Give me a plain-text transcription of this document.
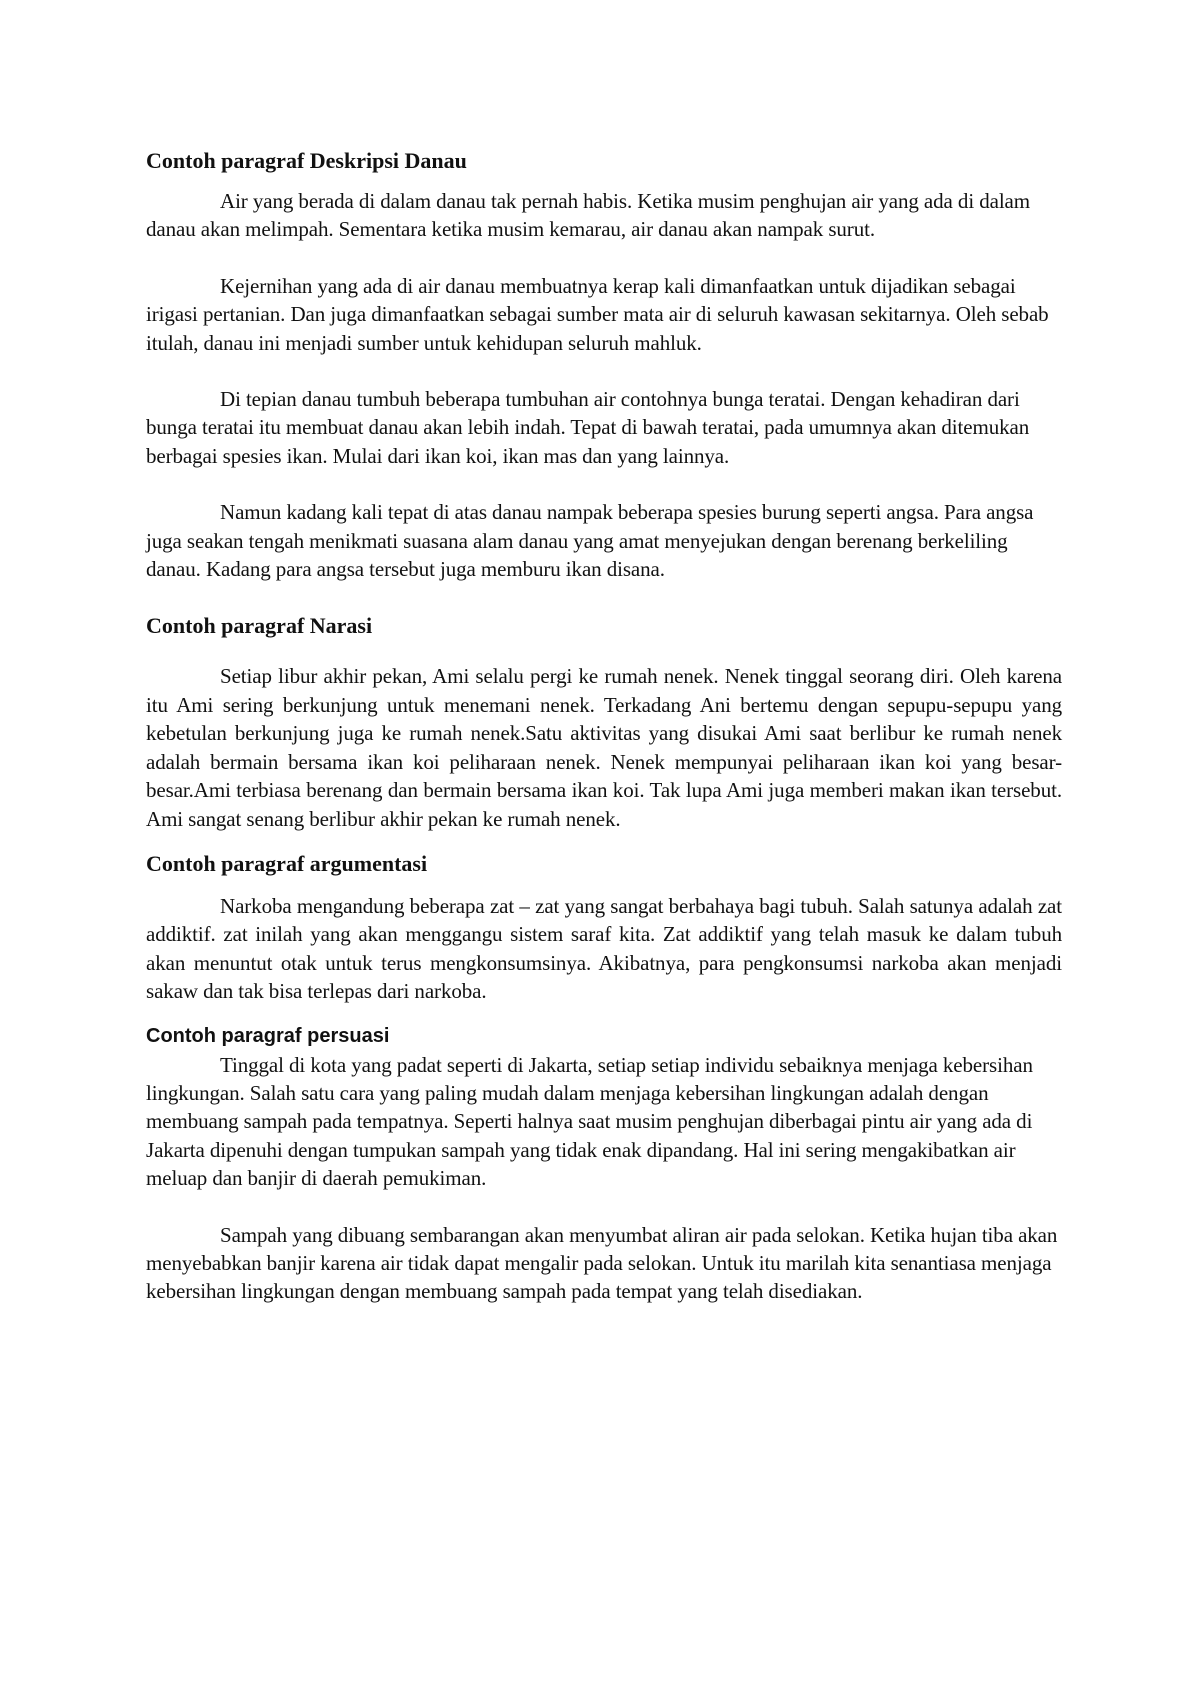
Contoh paragraf Deskripsi Danau

Air yang berada di dalam danau tak pernah habis. Ketika musim penghujan air yang ada di dalam danau akan melimpah. Sementara ketika musim kemarau, air danau akan nampak surut.

Kejernihan yang ada di air danau membuatnya kerap kali dimanfaatkan untuk dijadikan sebagai irigasi pertanian. Dan juga dimanfaatkan sebagai sumber mata air di seluruh kawasan sekitarnya. Oleh sebab itulah, danau ini menjadi sumber untuk kehidupan seluruh mahluk.

Di tepian danau tumbuh beberapa tumbuhan air contohnya bunga teratai. Dengan kehadiran dari bunga teratai itu membuat danau akan lebih indah. Tepat di bawah teratai, pada umumnya akan ditemukan berbagai spesies ikan. Mulai dari ikan koi, ikan mas dan yang lainnya.

Namun kadang kali tepat di atas danau nampak beberapa spesies burung seperti angsa. Para angsa juga seakan tengah menikmati suasana alam danau yang amat menyejukan dengan berenang berkeliling danau. Kadang para angsa tersebut juga memburu ikan disana.

Contoh paragraf Narasi

Setiap libur akhir pekan, Ami selalu pergi ke rumah nenek. Nenek tinggal seorang diri. Oleh karena itu Ami sering berkunjung untuk menemani nenek. Terkadang Ani bertemu dengan sepupu-sepupu yang kebetulan berkunjung juga ke rumah nenek.Satu aktivitas yang disukai Ami saat berlibur ke rumah nenek adalah bermain bersama ikan koi peliharaan nenek. Nenek mempunyai peliharaan ikan koi yang besar-besar.Ami terbiasa berenang dan bermain bersama ikan koi. Tak lupa Ami juga memberi makan ikan tersebut. Ami sangat senang berlibur akhir pekan ke rumah nenek.

Contoh paragraf argumentasi

Narkoba mengandung beberapa zat – zat yang sangat berbahaya bagi tubuh. Salah satunya adalah zat addiktif. zat inilah yang akan menggangu sistem saraf kita. Zat addiktif yang telah masuk ke dalam tubuh akan menuntut otak untuk terus mengkonsumsinya. Akibatnya, para pengkonsumsi narkoba akan menjadi sakaw dan tak bisa terlepas dari narkoba.

Contoh paragraf persuasi

Tinggal di kota yang padat seperti di Jakarta, setiap setiap individu sebaiknya menjaga kebersihan lingkungan. Salah satu cara yang paling mudah dalam menjaga kebersihan lingkungan adalah dengan membuang sampah pada tempatnya. Seperti halnya saat musim penghujan diberbagai pintu air yang ada di Jakarta dipenuhi dengan tumpukan sampah yang tidak enak dipandang. Hal ini sering mengakibatkan air meluap dan banjir di daerah pemukiman.

Sampah yang dibuang sembarangan akan menyumbat aliran air pada selokan. Ketika hujan tiba akan menyebabkan banjir karena air tidak dapat mengalir pada selokan. Untuk itu marilah kita senantiasa menjaga kebersihan lingkungan dengan membuang sampah pada tempat yang telah disediakan.
